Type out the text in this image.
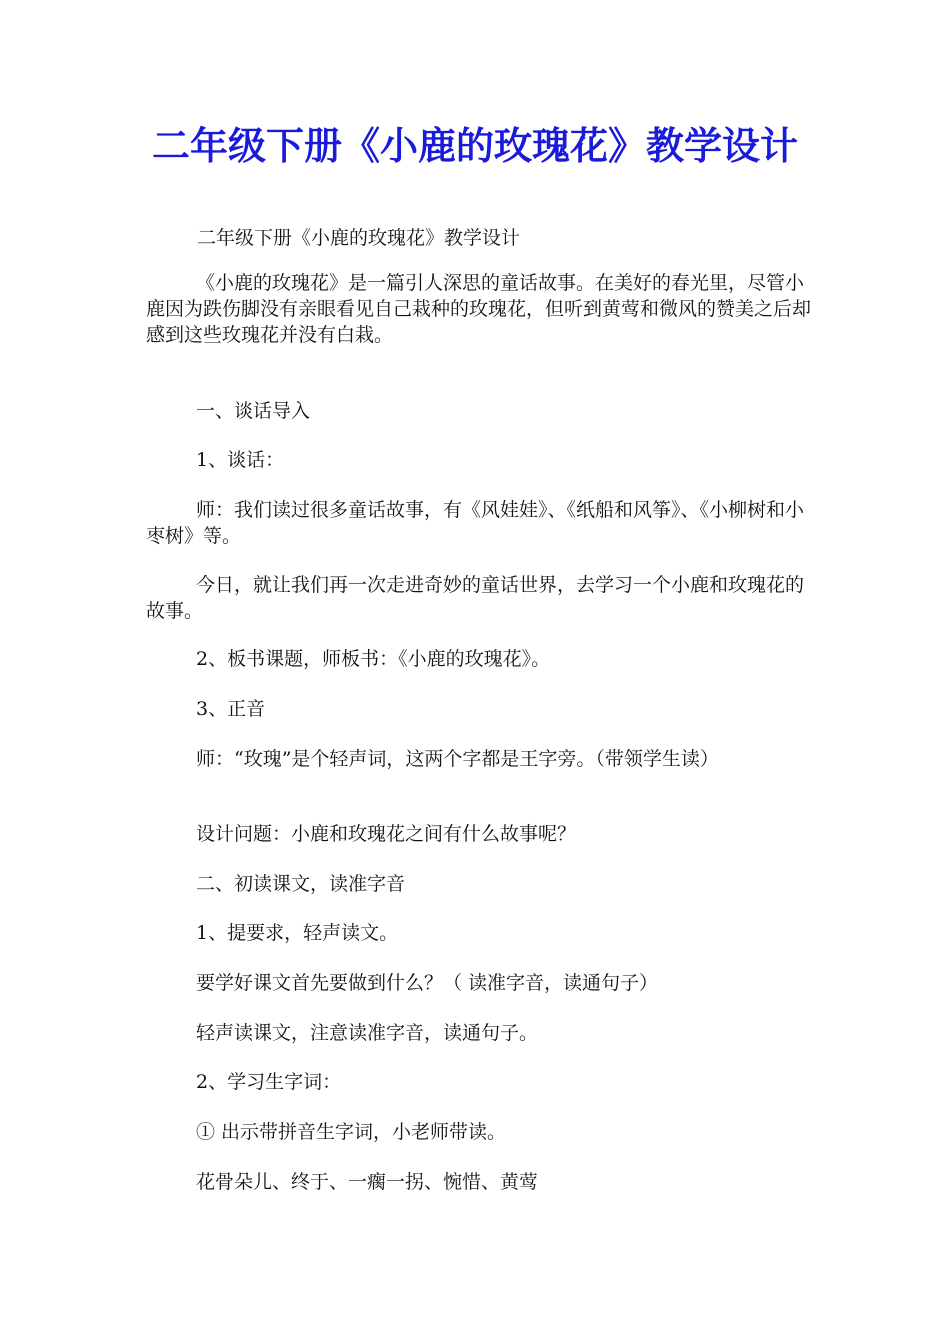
二年级下册《小鹿的玫瑰花》教学设计

二年级下册《小鹿的玫瑰花》教学设计

《小鹿的玫瑰花》是一篇引人深思的童话故事。在美好的春光里，尽管小鹿因为跌伤脚没有亲眼看见自己栽种的玫瑰花，但听到黄莺和微风的赞美之后却感到这些玫瑰花并没有白栽。

一、谈话导入

1、谈话：

师：我们读过很多童话故事，有《风娃娃》、《纸船和风筝》、《小柳树和小枣树》等。

今日，就让我们再一次走进奇妙的童话世界，去学习一个小鹿和玫瑰花的故事。

2、板书课题，师板书：《小鹿的玫瑰花》。

3、正音

师：“玫瑰”是个轻声词，这两个字都是王字旁。（带领学生读）

设计问题：小鹿和玫瑰花之间有什么故事呢？

二、初读课文，读准字音

1、提要求，轻声读文。

要学好课文首先要做到什么？（ 读准字音，读通句子）

轻声读课文，注意读准字音，读通句子。

2、学习生字词：

① 出示带拼音生字词，小老师带读。

花骨朵儿、终于、一瘸一拐、惋惜、黄莺
